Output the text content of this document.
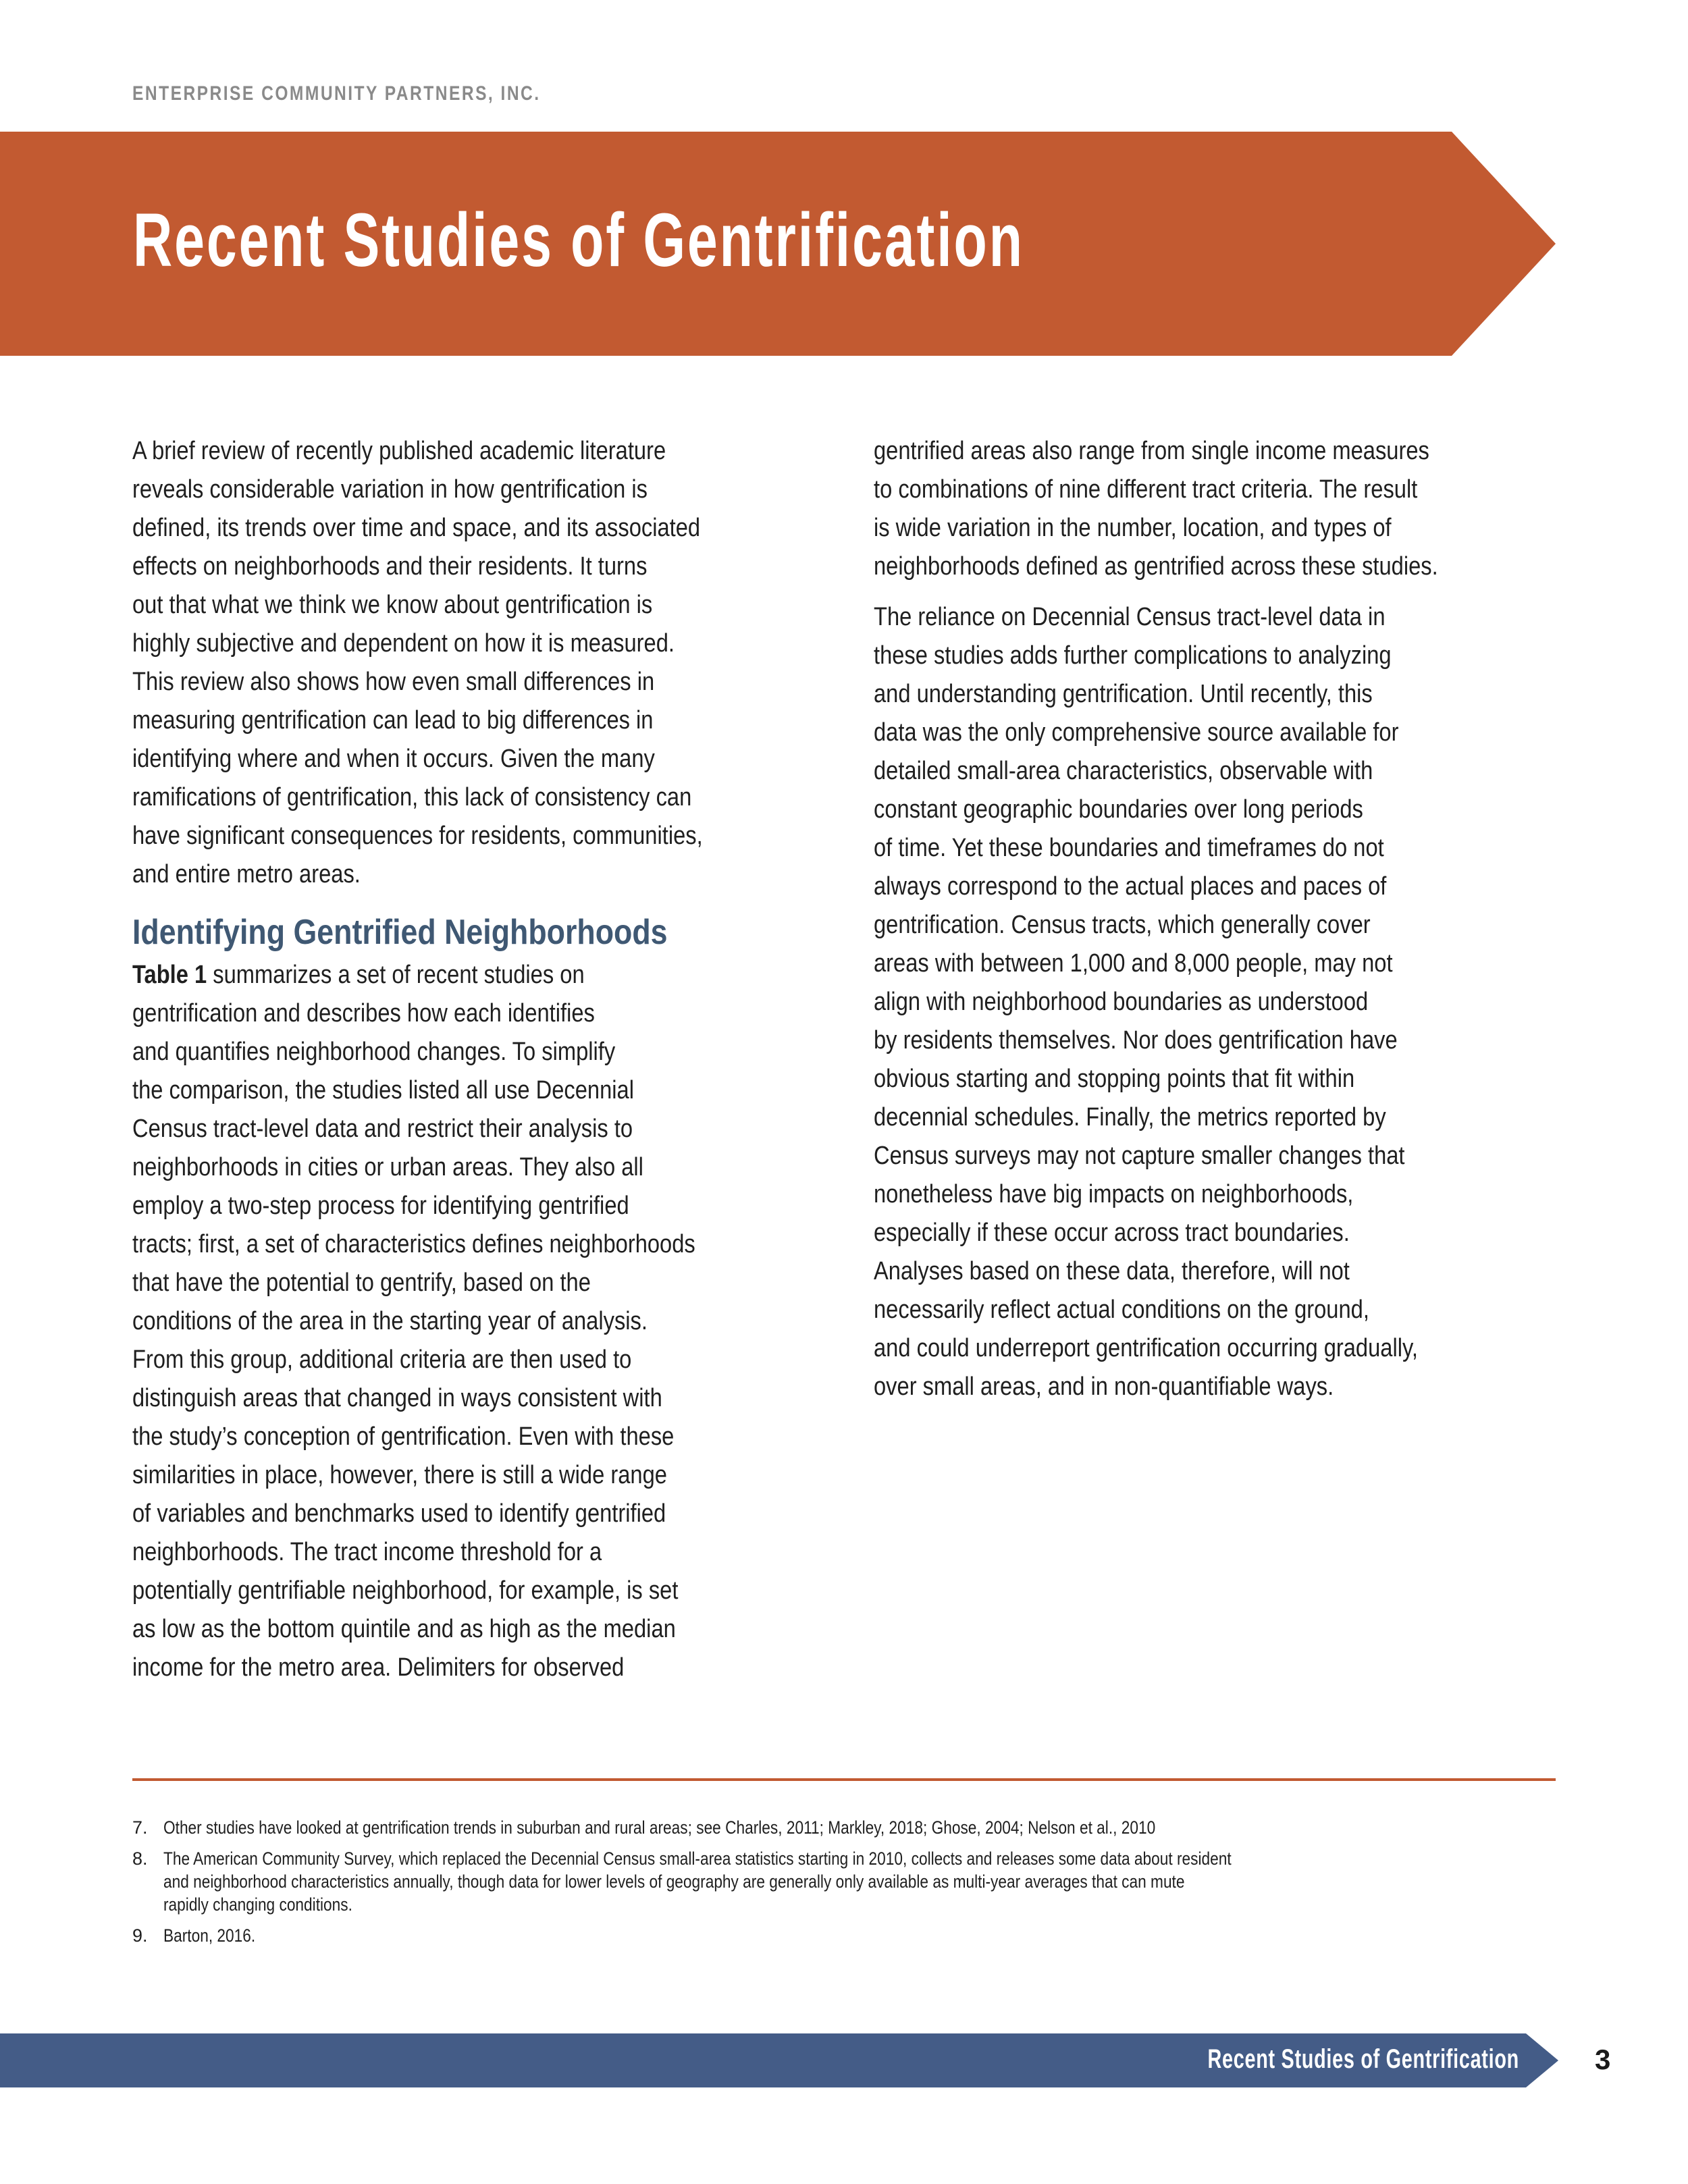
ENTERPRISE COMMUNITY PARTNERS, INC.
Recent Studies of Gentrification
A brief review of recently published academic literature
reveals considerable variation in how gentrification is
defined, its trends over time and space, and its associated
effects on neighborhoods and their residents. It turns
out that what we think we know about gentrification is
highly subjective and dependent on how it is measured.
This review also shows how even small differences in
measuring gentrification can lead to big differences in
identifying where and when it occurs. Given the many
ramifications of gentrification, this lack of consistency can
have significant consequences for residents, communities,
and entire metro areas.
Identifying Gentrified Neighborhoods
Table 1 summarizes a set of recent studies on
gentrification and describes how each identifies
and quantifies neighborhood changes. To simplify
the comparison, the studies listed all use Decennial
Census tract-level data and restrict their analysis to
neighborhoods in cities or urban areas. They also all
employ a two-step process for identifying gentrified
tracts; first, a set of characteristics defines neighborhoods
that have the potential to gentrify, based on the
conditions of the area in the starting year of analysis.
From this group, additional criteria are then used to
distinguish areas that changed in ways consistent with
the study’s conception of gentrification. Even with these
similarities in place, however, there is still a wide range
of variables and benchmarks used to identify gentrified
neighborhoods. The tract income threshold for a
potentially gentrifiable neighborhood, for example, is set
as low as the bottom quintile and as high as the median
income for the metro area. Delimiters for observed
gentrified areas also range from single income measures
to combinations of nine different tract criteria. The result
is wide variation in the number, location, and types of
neighborhoods defined as gentrified across these studies.
The reliance on Decennial Census tract-level data in
these studies adds further complications to analyzing
and understanding gentrification. Until recently, this
data was the only comprehensive source available for
detailed small-area characteristics, observable with
constant geographic boundaries over long periods
of time. Yet these boundaries and timeframes do not
always correspond to the actual places and paces of
gentrification. Census tracts, which generally cover
areas with between 1,000 and 8,000 people, may not
align with neighborhood boundaries as understood
by residents themselves. Nor does gentrification have
obvious starting and stopping points that fit within
decennial schedules. Finally, the metrics reported by
Census surveys may not capture smaller changes that
nonetheless have big impacts on neighborhoods,
especially if these occur across tract boundaries.
Analyses based on these data, therefore, will not
necessarily reflect actual conditions on the ground,
and could underreport gentrification occurring gradually,
over small areas, and in non-quantifiable ways.
7. Other studies have looked at gentrification trends in suburban and rural areas; see Charles, 2011; Markley, 2018; Ghose, 2004; Nelson et al., 2010
8. The American Community Survey, which replaced the Decennial Census small-area statistics starting in 2010, collects and releases some data about resident
and neighborhood characteristics annually, though data for lower levels of geography are generally only available as multi-year averages that can mute
rapidly changing conditions.
9. Barton, 2016.
Recent Studies of Gentrification	3
